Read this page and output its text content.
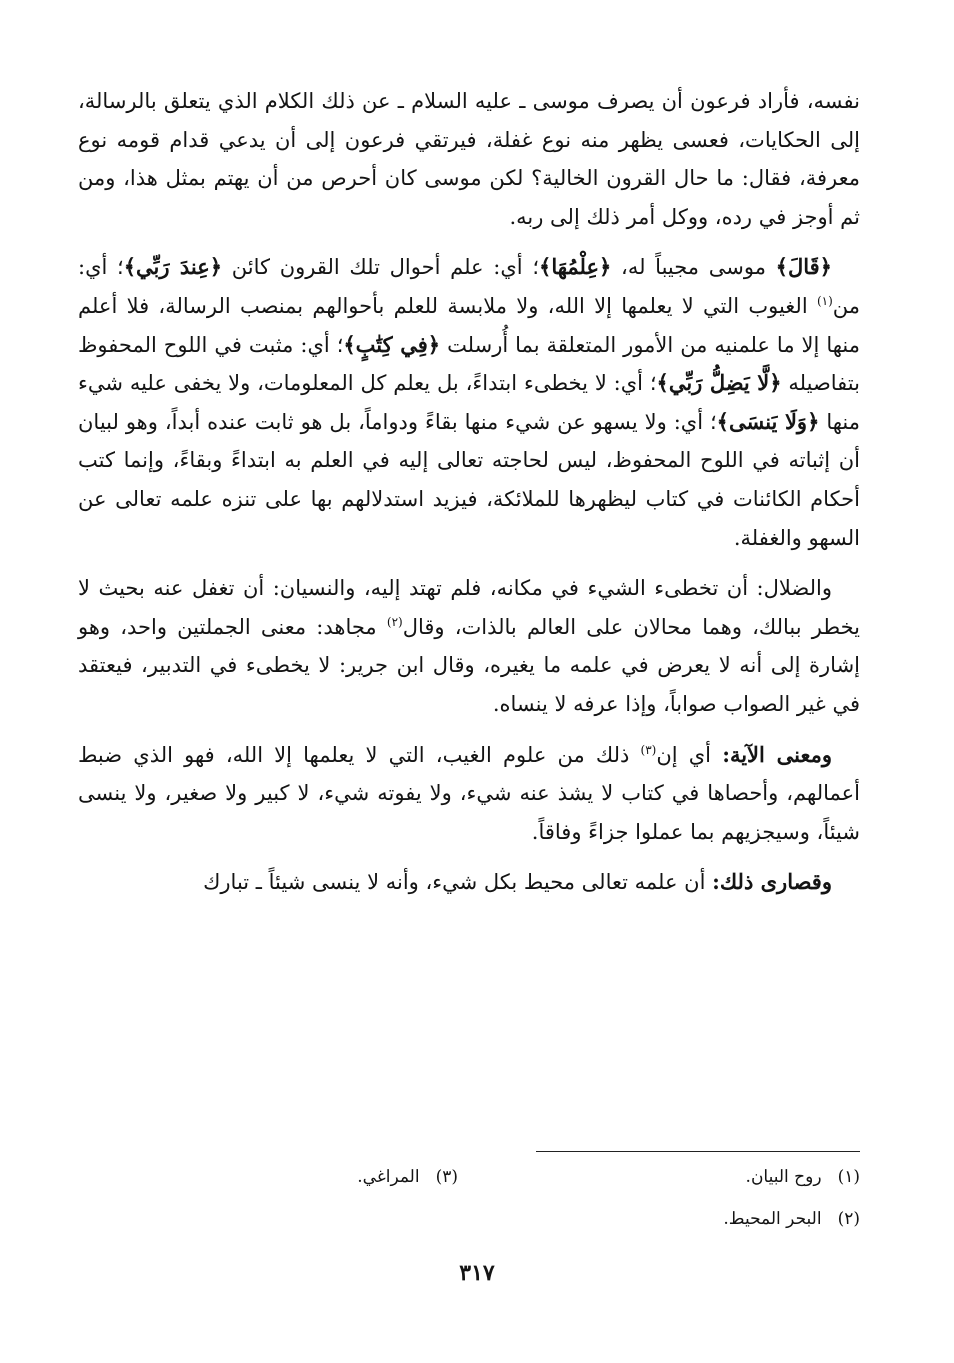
نفسه، فأراد فرعون أن يصرف موسى ـ عليه السلام ـ عن ذلك الكلام الذي يتعلق بالرسالة، إلى الحكايات، فعسى يظهر منه نوع غفلة، فيرتقي فرعون إلى أن يدعي قدام قومه نوع معرفة، فقال: ما حال القرون الخالية؟ لكن موسى كان أحرص من أن يهتم بمثل هذا، ومن ثم أوجز في رده، ووكل أمر ذلك إلى ربه.

﴿قَالَ﴾ موسى مجيباً له، ﴿عِلْمُهَا﴾؛ أي: علم أحوال تلك القرون كائن ﴿عِندَ رَبِّي﴾؛ أي: من$^{(١)}$ الغيوب التي لا يعلمها إلا الله، ولا ملابسة للعلم بأحوالهم بمنصب الرسالة، فلا أعلم منها إلا ما علمنيه من الأمور المتعلقة بما أُرسلت ﴿فِي كِتَٰبٍ﴾؛ أي: مثبت في اللوح المحفوظ بتفاصيله ﴿لَّا يَضِلُّ رَبِّي﴾؛ أي: لا يخطىء ابتداءً، بل يعلم كل المعلومات، ولا يخفى عليه شيء منها ﴿وَلَا يَنسَى﴾؛ أي: ولا يسهو عن شيء منها بقاءً ودواماً، بل هو ثابت عنده أبداً، وهو لبيان أن إثباته في اللوح المحفوظ، ليس لحاجته تعالى إليه في العلم به ابتداءً وبقاءً، وإنما كتب أحكام الكائنات في كتاب ليظهرها للملائكة، فيزيد استدلالهم بها على تنزه علمه تعالى عن السهو والغفلة.

والضلال: أن تخطىء الشيء في مكانه، فلم تهتد إليه، والنسيان: أن تغفل عنه بحيث لا يخطر ببالك، وهما محالان على العالم بالذات، وقال$^{(٢)}$ مجاهد: معنى الجملتين واحد، وهو إشارة إلى أنه لا يعرض في علمه ما يغيره، وقال ابن جرير: لا يخطىء في التدبير، فيعتقد في غير الصواب صواباً، وإذا عرفه لا ينساه.

ومعنى الآية: أي إن$^{(٣)}$ ذلك من علوم الغيب، التي لا يعلمها إلا الله، فهو الذي ضبط أعمالهم، وأحصاها في كتاب لا يشذ عنه شيء، ولا يفوته شيء، لا كبير ولا صغير، ولا ينسى شيئاً، وسيجزيهم بما عملوا جزاءً وفاقاً.

وقصارى ذلك: أن علمه تعالى محيط بكل شيء، وأنه لا ينسى شيئاً ـ تبارك

(١)روح البيان.
(٢)البحر المحيط.
(٣)المراغي.
٣١٧
